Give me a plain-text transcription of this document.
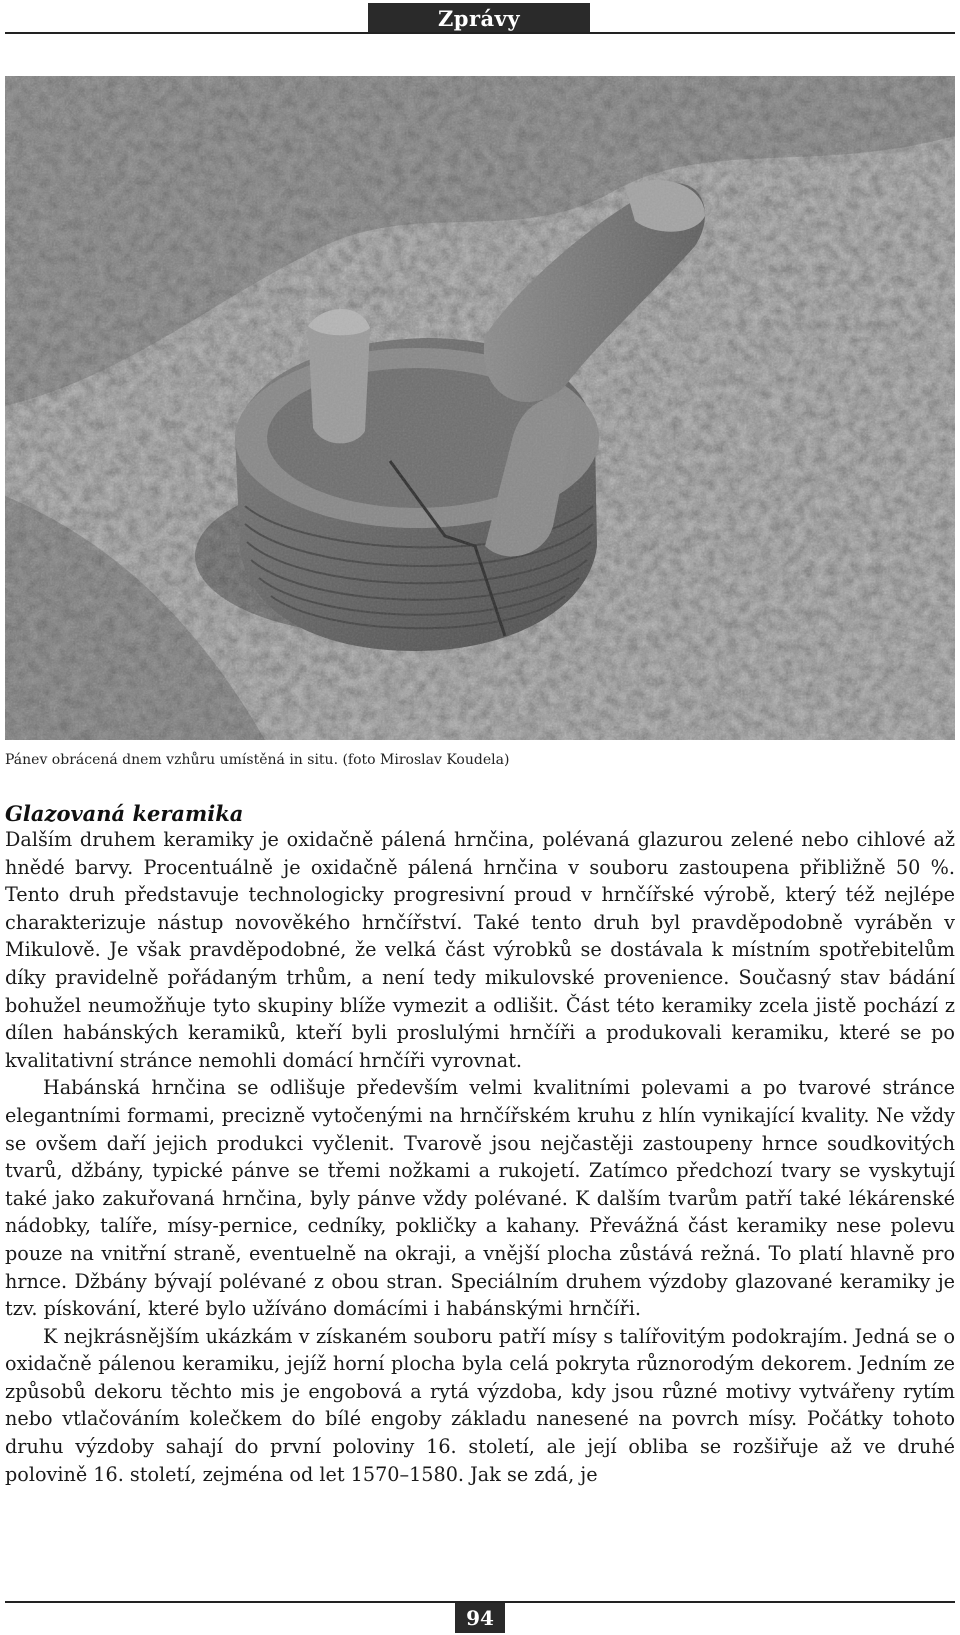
Zprávy
Pánev obrácená dnem vzhůru umístěná in situ. (foto Miroslav Koudela)
Glazovaná keramika

Dalším druhem keramiky je oxidačně pálená hrnčina, polévaná glazurou zelené nebo cihlové až hnědé barvy. Procentuálně je oxidačně pálená hrnčina v souboru zastoupena přibližně 50 %. Tento druh představuje technologicky progresivní proud v hrnčířské výrobě, který též nejlépe charakterizuje nástup novověkého hrnčířství. Také tento druh byl pravděpodobně vyráběn v Mikulově. Je však pravděpodobné, že velká část výrobků se dostávala k místním spotřebitelům díky pravidelně pořádaným trhům, a není tedy mikulovské provenience. Současný stav bádání bohužel neumožňuje tyto skupiny blíže vymezit a odlišit. Část této keramiky zcela jistě pochází z dílen habánských keramiků, kteří byli proslulými hrnčíři a produkovali keramiku, které se po kvalitativní stránce nemohli domácí hrnčíři vyrovnat.

Habánská hrnčina se odlišuje především velmi kvalitními polevami a po tvarové stránce elegantními formami, precizně vytočenými na hrnčířském kruhu z hlín vynikající kvality. Ne vždy se ovšem daří jejich produkci vyčlenit. Tvarově jsou nejčastěji zastoupeny hrnce soudkovitých tvarů, džbány, typické pánve se třemi nožkami a rukojetí. Zatímco předchozí tvary se vyskytují také jako zakuřovaná hrnčina, byly pánve vždy polévané. K dalším tvarům patří také lékárenské nádobky, talíře, mísy-pernice, cedníky, pokličky a kahany. Převážná část keramiky nese polevu pouze na vnitřní straně, eventuelně na okraji, a vnější plocha zůstává režná. To platí hlavně pro hrnce. Džbány bývají polévané z obou stran. Speciálním druhem výzdoby glazované keramiky je tzv. pískování, které bylo užíváno domácími i habánskými hrnčíři.

K nejkrásnějším ukázkám v získaném souboru patří mísy s talířovitým podokrajím. Jedná se o oxidačně pálenou keramiku, jejíž horní plocha byla celá pokryta různorodým dekorem. Jedním ze způsobů dekoru těchto mis je engobová a rytá výzdoba, kdy jsou různé motivy vytvářeny rytím nebo vtlačováním kolečkem do bílé engoby základu nanesené na povrch mísy. Počátky tohoto druhu výzdoby sahají do první poloviny 16. století, ale její obliba se rozšiřuje až ve druhé polovině 16. století, zejména od let 1570–1580. Jak se zdá, je

94
